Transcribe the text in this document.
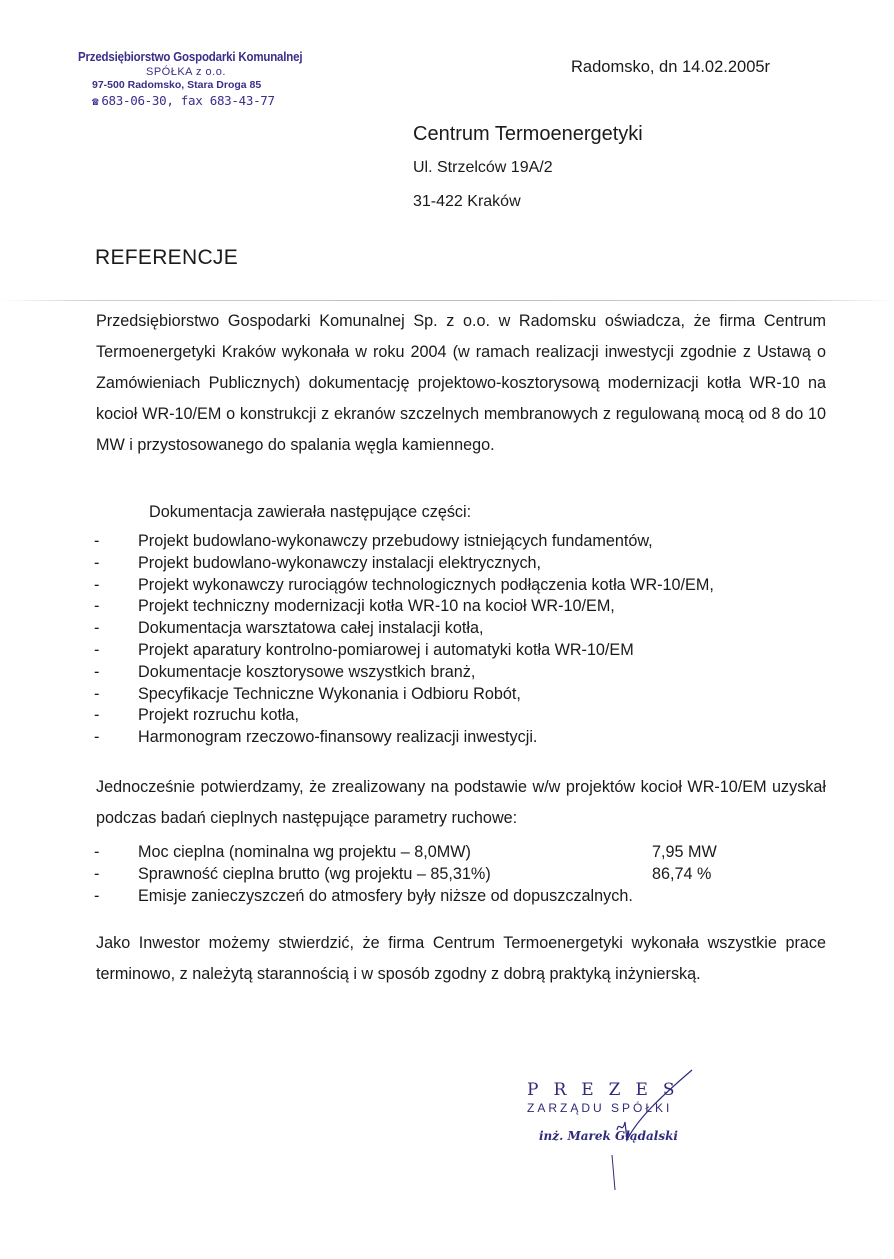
Przedsiębiorstwo Gospodarki Komunalnej
SPÓŁKA z o.o.
97-500 Radomsko, Stara Droga 85
☎ 683-06-30, fax 683-43-77
Radomsko, dn 14.02.2005r
Centrum Termoenergetyki
Ul. Strzelców 19A/2
31-422 Kraków
REFERENCJE
Przedsiębiorstwo Gospodarki Komunalnej Sp. z o.o. w Radomsku oświadcza, że firma Centrum Termoenergetyki Kraków wykonała w roku 2004 (w ramach realizacji inwestycji zgodnie z Ustawą o Zamówieniach Publicznych) dokumentację projektowo-kosztorysową modernizacji kotła WR-10 na kocioł WR-10/EM o konstrukcji z ekranów szczelnych membranowych z regulowaną mocą od 8 do 10 MW i przystosowanego do spalania węgla kamiennego.
Dokumentacja zawierała następujące części:
- Projekt budowlano-wykonawczy przebudowy istniejących fundamentów,
- Projekt budowlano-wykonawczy instalacji elektrycznych,
- Projekt wykonawczy rurociągów technologicznych podłączenia kotła WR-10/EM,
- Projekt techniczny modernizacji kotła WR-10 na kocioł WR-10/EM,
- Dokumentacja warsztatowa całej instalacji kotła,
- Projekt aparatury kontrolno-pomiarowej i automatyki kotła WR-10/EM
- Dokumentacje kosztorysowe wszystkich branż,
- Specyfikacje Techniczne Wykonania i Odbioru Robót,
- Projekt rozruchu kotła,
- Harmonogram rzeczowo-finansowy realizacji inwestycji.
Jednocześnie potwierdzamy, że zrealizowany na podstawie w/w projektów kocioł WR-10/EM uzyskał podczas badań cieplnych następujące parametry ruchowe:
- Moc cieplna (nominalna wg projektu – 8,0MW)	7,95 MW
- Sprawność cieplna brutto (wg projektu – 85,31%)	86,74 %
- Emisje zanieczyszczeń do atmosfery były niższe od dopuszczalnych.
Jako Inwestor możemy stwierdzić, że firma Centrum Termoenergetyki wykonała wszystkie prace terminowo, z należytą starannością i w sposób zgodny z dobrą praktyką inżynierską.
PREZES
ZARZĄDU SPÓŁKI
inż. Marek Głądalski
